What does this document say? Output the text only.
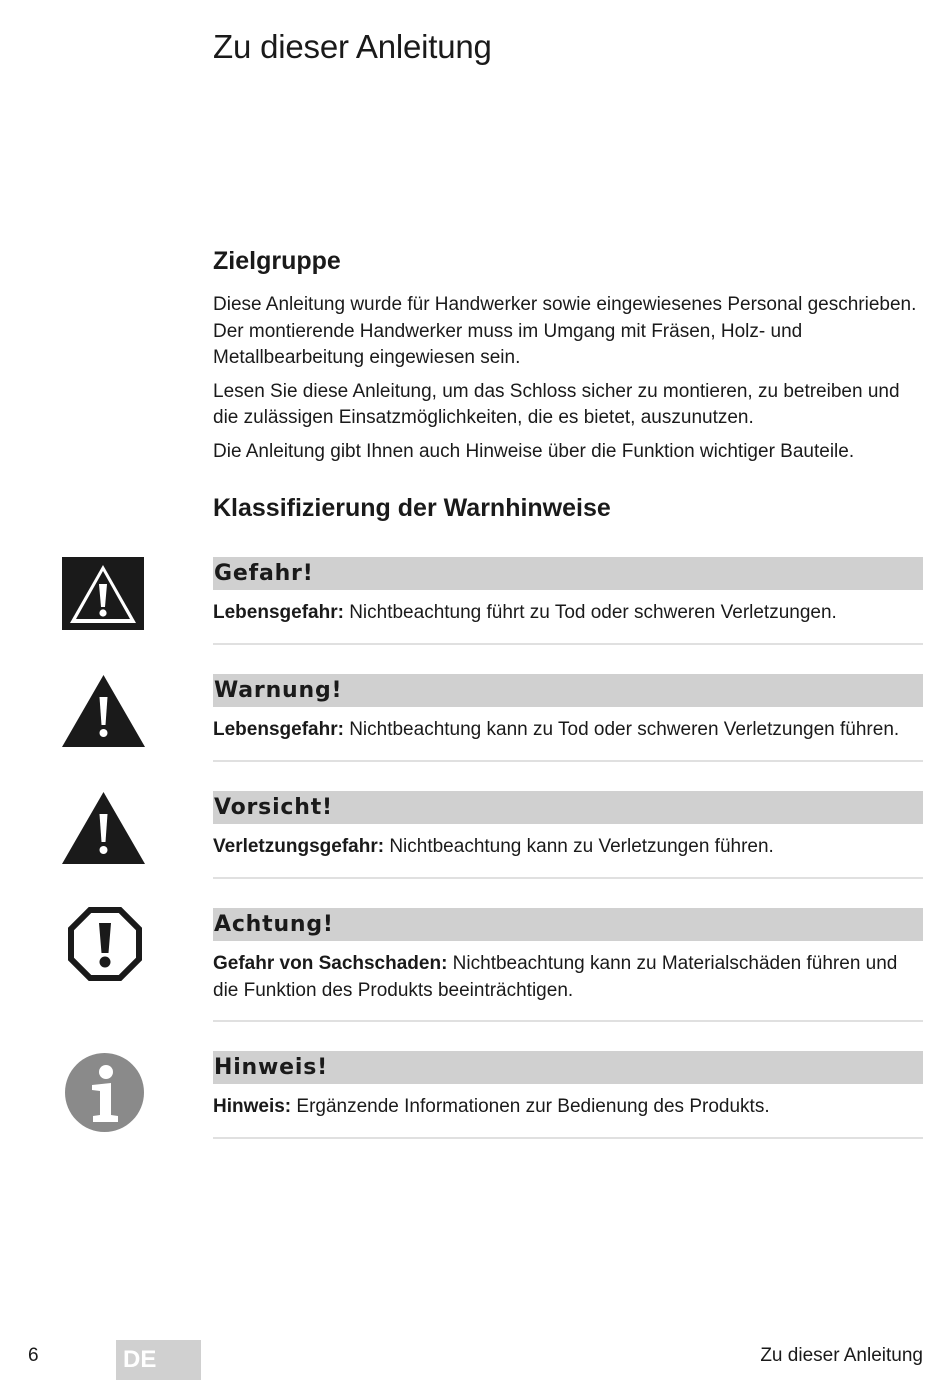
Zu dieser Anleitung
Zielgruppe

Diese Anleitung wurde für Handwerker sowie eingewiesenes Personal geschrieben. Der montierende Handwerker muss im Umgang mit Fräsen, Holz- und Metallbearbeitung eingewiesen sein.

Lesen Sie diese Anleitung, um das Schloss sicher zu montieren, zu betreiben und die zulässigen Einsatzmöglichkeiten, die es bietet, auszunutzen.

Die Anleitung gibt Ihnen auch Hinweise über die Funktion wichtiger Bauteile.

Klassifizierung der Warnhinweise
Gefahr!
Lebensgefahr: Nichtbeachtung führt zu Tod oder schweren Verletzungen.
Warnung!
Lebensgefahr: Nichtbeachtung kann zu Tod oder schweren Verletzungen führen.
Vorsicht!
Verletzungsgefahr: Nichtbeachtung kann zu Verletzungen führen.
Achtung!
Gefahr von Sachschaden: Nichtbeachtung kann zu Materialschäden führen und die Funktion des Produkts beeinträchtigen.
Hinweis!
Hinweis: Ergänzende Informationen zur Bedienung des Produkts.
6	DE	Zu dieser Anleitung
